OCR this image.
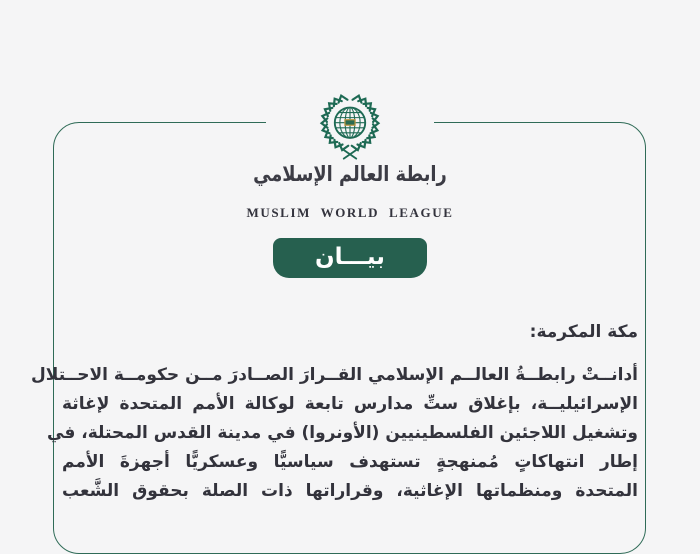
رابطة العالم الإسلامي
MUSLIM WORLD LEAGUE
بيـــان
مكة المكرمة:

أدانــتْ رابطــةُ العالــم الإسلامي القــرارَ الصــادرَ مــن حكومــة الاحــتلال

الإسرائيليــة، بإغلاق ستِّ مدارس تابعة لوكالة الأمم المتحدة لإغاثة

وتشغيل اللاجئين الفلسطينيين (الأونروا) في مدينة القدس المحتلة، في

إطار انتهاكاتٍ مُمنهجةٍ تستهدف سياسيًّا وعسكريًّا أجهزةَ الأمم

المتحدة ومنظماتها الإغاثية، وقراراتها ذات الصلة بحقوق الشَّعب
